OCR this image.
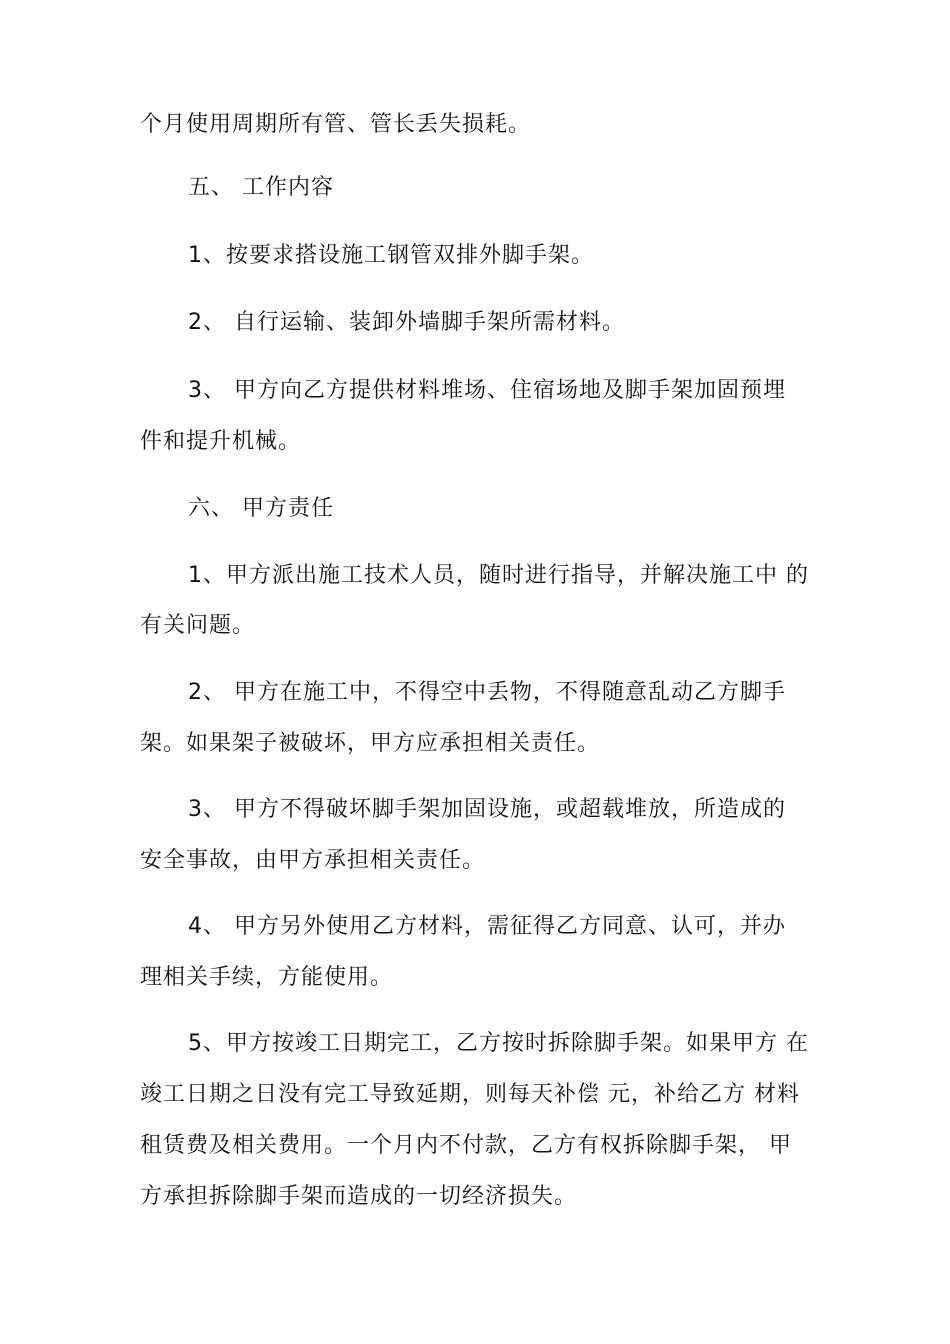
个月使用周期所有管、管长丢失损耗。
五、 工作内容
1、按要求搭设施工钢管双排外脚手架。
2、 自行运输、装卸外墙脚手架所需材料。
3、 甲方向乙方提供材料堆场、住宿场地及脚手架加固预埋
件和提升机械。
六、 甲方责任
1、甲方派出施工技术人员，随时进行指导，并解决施工中 的
有关问题。
2、 甲方在施工中，不得空中丢物，不得随意乱动乙方脚手
架。如果架子被破坏，甲方应承担相关责任。
3、 甲方不得破坏脚手架加固设施，或超载堆放，所造成的
安全事故，由甲方承担相关责任。
4、 甲方另外使用乙方材料，需征得乙方同意、认可，并办
理相关手续，方能使用。
5、甲方按竣工日期完工，乙方按时拆除脚手架。如果甲方 在
竣工日期之日没有完工导致延期，则每天补偿 元，补给乙方 材料
租赁费及相关费用。一个月内不付款，乙方有权拆除脚手架， 甲
方承担拆除脚手架而造成的一切经济损失。
